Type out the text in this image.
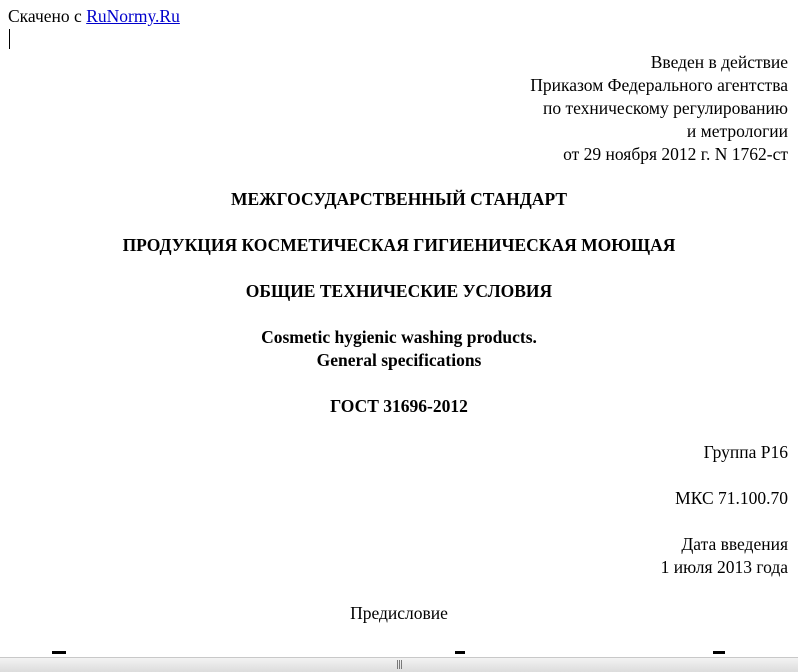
Скачено с RuNormy.Ru
Введен в действие
Приказом Федерального агентства
по техническому регулированию
и метрологии
от 29 ноября 2012 г. N 1762-ст
МЕЖГОСУДАРСТВЕННЫЙ СТАНДАРТ
ПРОДУКЦИЯ КОСМЕТИЧЕСКАЯ ГИГИЕНИЧЕСКАЯ МОЮЩАЯ
ОБЩИЕ ТЕХНИЧЕСКИЕ УСЛОВИЯ
Cosmetic hygienic washing products.
General specifications
ГОСТ 31696-2012
Группа Р16
МКС 71.100.70
Дата введения
1 июля 2013 года
Предисловие
|||
